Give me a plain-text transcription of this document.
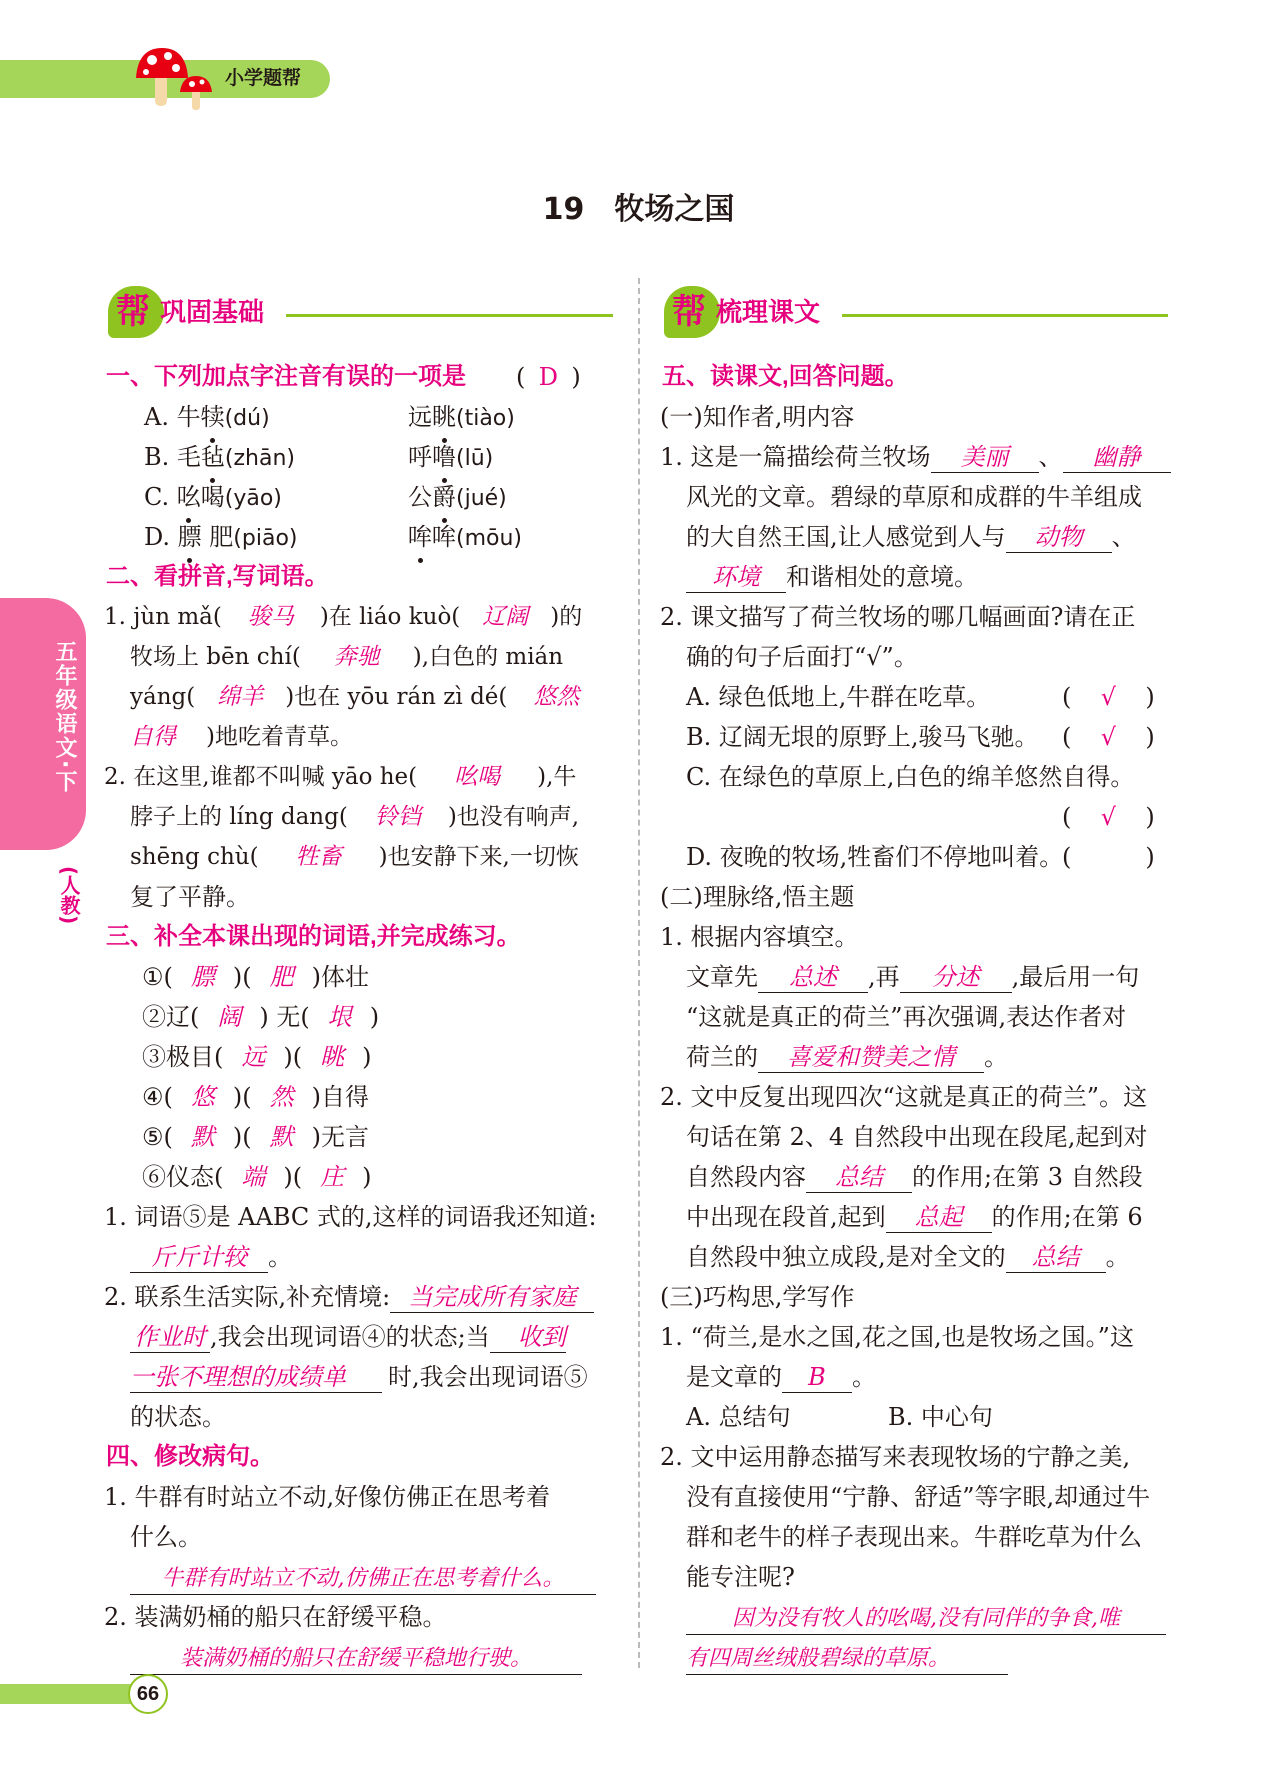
小学题帮
19　牧场之国
五年级语文·下
(人教)
帮 巩固基础	帮 梳理课文
一、下列加点字注音有误的一项是 ( D )
A. 牛犊(dú)	远眺(tiào)
B. 毛毡(zhān)	呼噜(lū)
C. 吆喝(yāo)	公爵(jué)
D. 膘 肥(piāo)	哞哞(mōu)
二、看拼音,写词语。
1. jùn mǎ( 骏马 )在 liáo kuò( 辽阔 )的
牧场上 bēn chí( 奔驰 ),白色的 mián
yáng( 绵羊 )也在 yōu rán zì dé( 悠然
自得 )地吃着青草。
2. 在这里,谁都不叫喊 yāo he( 吆喝 ),牛
脖子上的 líng dang( 铃铛 )也没有响声,
shēng chù( 牲畜 )也安静下来,一切恢
复了平静。
三、补全本课出现的词语,并完成练习。
①( 膘 )( 肥 )体壮
②辽( 阔 ) 无( 垠 )
③极目( 远 )( 眺 )
④( 悠 )( 然 )自得
⑤( 默 )( 默 )无言
⑥仪态( 端 )( 庄 )
1. 词语⑤是 AABC 式的,这样的词语我还知道:
斤斤计较 。
2. 联系生活实际,补充情境: 当完成所有家庭
作业时 ,我会出现词语④的状态;当 收到
一张不理想的成绩单 时,我会出现词语⑤
的状态。
四、修改病句。
1. 牛群有时站立不动,好像仿佛正在思考着
什么。
牛群有时站立不动,仿佛正在思考着什么。
2. 装满奶桶的船只在舒缓平稳。
装满奶桶的船只在舒缓平稳地行驶。
五、读课文,回答问题。
(一)知作者,明内容
1. 这是一篇描绘荷兰牧场 美丽 、 幽静
风光的文章。碧绿的草原和成群的牛羊组成
的大自然王国,让人感觉到人与 动物 、
环境 和谐相处的意境。
2. 课文描写了荷兰牧场的哪几幅画面?请在正
确的句子后面打“√”。
A. 绿色低地上,牛群在吃草。	( √ )
B. 辽阔无垠的原野上,骏马飞驰。 ( √ )
C. 在绿色的草原上,白色的绵羊悠然自得。
( √ )
D. 夜晚的牧场,牲畜们不停地叫着。
(	)
(二)理脉络,悟主题
1. 根据内容填空。
文章先 总述 ,再 分述 ,最后用一句
“这就是真正的荷兰”再次强调,表达作者对
荷兰的 喜爱和赞美之情 。
2. 文中反复出现四次“这就是真正的荷兰”。这
句话在第 2、4 自然段中出现在段尾,起到对
自然段内容 总结 的作用;在第 3 自然段
中出现在段首,起到 总起 的作用;在第 6
自然段中独立成段,是对全文的 总结 。
(三)巧构思,学写作
1. “荷兰,是水之国,花之国,也是牧场之国。”这
是文章的 B 。
A. 总结句	B. 中心句
2. 文中运用静态描写来表现牧场的宁静之美,
没有直接使用“宁静、舒适”等字眼,却通过牛
群和老牛的样子表现出来。牛群吃草为什么
能专注呢?
因为没有牧人的吆喝,没有同伴的争食,唯
有四周丝绒般碧绿的草原。
66
